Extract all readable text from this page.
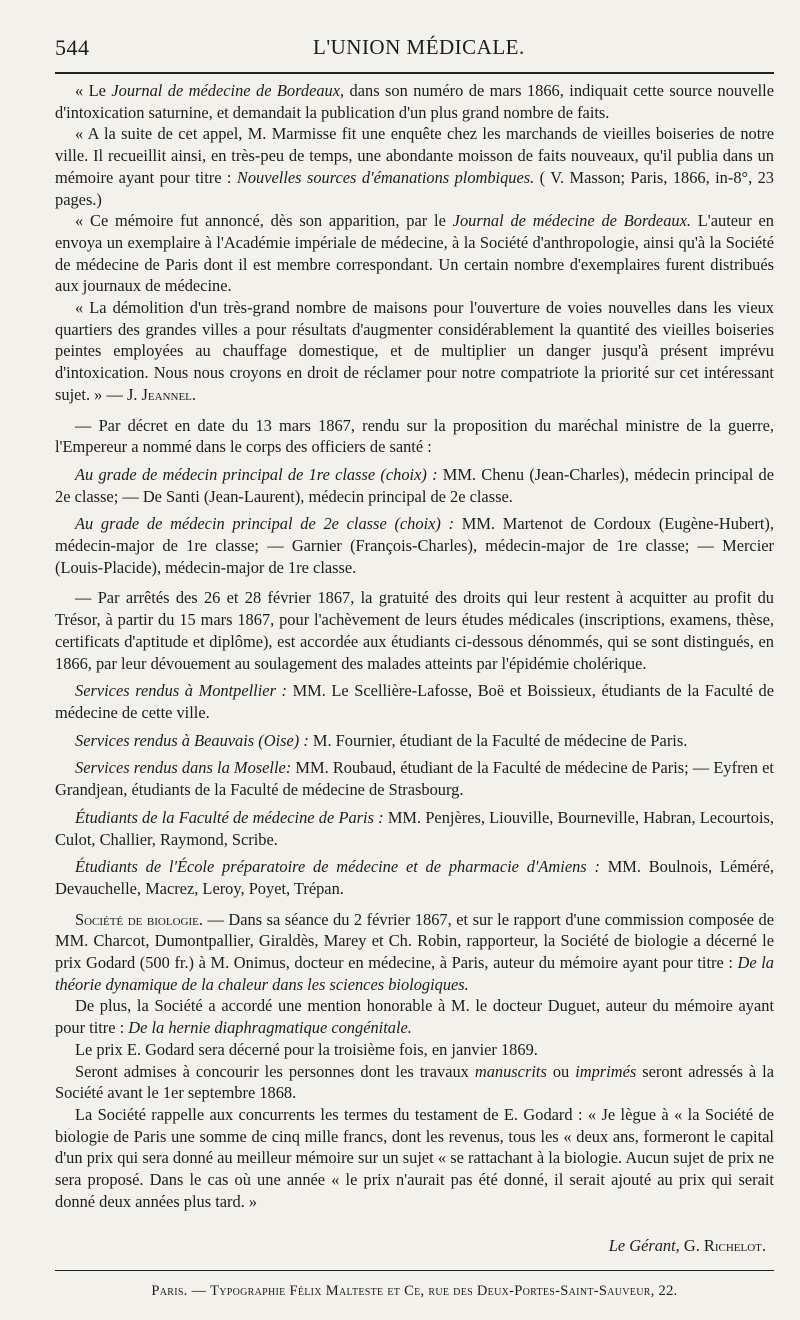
544	L'UNION MÉDICALE.

« Le Journal de médecine de Bordeaux, dans son numéro de mars 1866, indiquait cette source nouvelle d'intoxication saturnine, et demandait la publication d'un plus grand nombre de faits.

« A la suite de cet appel, M. Marmisse fit une enquête chez les marchands de vieilles boiseries de notre ville. Il recueillit ainsi, en très-peu de temps, une abondante moisson de faits nouveaux, qu'il publia dans un mémoire ayant pour titre : Nouvelles sources d'émanations plombiques. ( V. Masson; Paris, 1866, in-8°, 23 pages.)

« Ce mémoire fut annoncé, dès son apparition, par le Journal de médecine de Bordeaux. L'auteur en envoya un exemplaire à l'Académie impériale de médecine, à la Société d'anthropologie, ainsi qu'à la Société de médecine de Paris dont il est membre correspondant. Un certain nombre d'exemplaires furent distribués aux journaux de médecine.

« La démolition d'un très-grand nombre de maisons pour l'ouverture de voies nouvelles dans les vieux quartiers des grandes villes a pour résultats d'augmenter considérablement la quantité des vieilles boiseries peintes employées au chauffage domestique, et de multiplier un danger jusqu'à présent imprévu d'intoxication. Nous nous croyons en droit de réclamer pour notre compatriote la priorité sur cet intéressant sujet. » — J. Jeannel.

— Par décret en date du 13 mars 1867, rendu sur la proposition du maréchal ministre de la guerre, l'Empereur a nommé dans le corps des officiers de santé :

Au grade de médecin principal de 1re classe (choix) : MM. Chenu (Jean-Charles), médecin principal de 2e classe; — De Santi (Jean-Laurent), médecin principal de 2e classe.

Au grade de médecin principal de 2e classe (choix) : MM. Martenot de Cordoux (Eugène-Hubert), médecin-major de 1re classe; — Garnier (François-Charles), médecin-major de 1re classe; — Mercier (Louis-Placide), médecin-major de 1re classe.

— Par arrêtés des 26 et 28 février 1867, la gratuité des droits qui leur restent à acquitter au profit du Trésor, à partir du 15 mars 1867, pour l'achèvement de leurs études médicales (inscriptions, examens, thèse, certificats d'aptitude et diplôme), est accordée aux étudiants ci-dessous dénommés, qui se sont distingués, en 1866, par leur dévouement au soulagement des malades atteints par l'épidémie cholérique.

Services rendus à Montpellier : MM. Le Scellière-Lafosse, Boë et Boissieux, étudiants de la Faculté de médecine de cette ville.

Services rendus à Beauvais (Oise) : M. Fournier, étudiant de la Faculté de médecine de Paris.

Services rendus dans la Moselle: MM. Roubaud, étudiant de la Faculté de médecine de Paris; — Eyfren et Grandjean, étudiants de la Faculté de médecine de Strasbourg.

Étudiants de la Faculté de médecine de Paris : MM. Penjères, Liouville, Bourneville, Habran, Lecourtois, Culot, Challier, Raymond, Scribe.

Étudiants de l'École préparatoire de médecine et de pharmacie d'Amiens : MM. Boulnois, Léméré, Devauchelle, Macrez, Leroy, Poyet, Trépan.

Société de biologie. — Dans sa séance du 2 février 1867, et sur le rapport d'une commission composée de MM. Charcot, Dumontpallier, Giraldès, Marey et Ch. Robin, rapporteur, la Société de biologie a décerné le prix Godard (500 fr.) à M. Onimus, docteur en médecine, à Paris, auteur du mémoire ayant pour titre : De la théorie dynamique de la chaleur dans les sciences biologiques.

De plus, la Société a accordé une mention honorable à M. le docteur Duguet, auteur du mémoire ayant pour titre : De la hernie diaphragmatique congénitale.

Le prix E. Godard sera décerné pour la troisième fois, en janvier 1869.

Seront admises à concourir les personnes dont les travaux manuscrits ou imprimés seront adressés à la Société avant le 1er septembre 1868.

La Société rappelle aux concurrents les termes du testament de E. Godard : « Je lègue à « la Société de biologie de Paris une somme de cinq mille francs, dont les revenus, tous les « deux ans, formeront le capital d'un prix qui sera donné au meilleur mémoire sur un sujet « se rattachant à la biologie. Aucun sujet de prix ne sera proposé. Dans le cas où une année « le prix n'aurait pas été donné, il serait ajouté au prix qui serait donné deux années plus tard. »

Le Gérant, G. Richelot.
Paris. — Typographie Félix Malteste et Ce, rue des Deux-Portes-Saint-Sauveur, 22.
